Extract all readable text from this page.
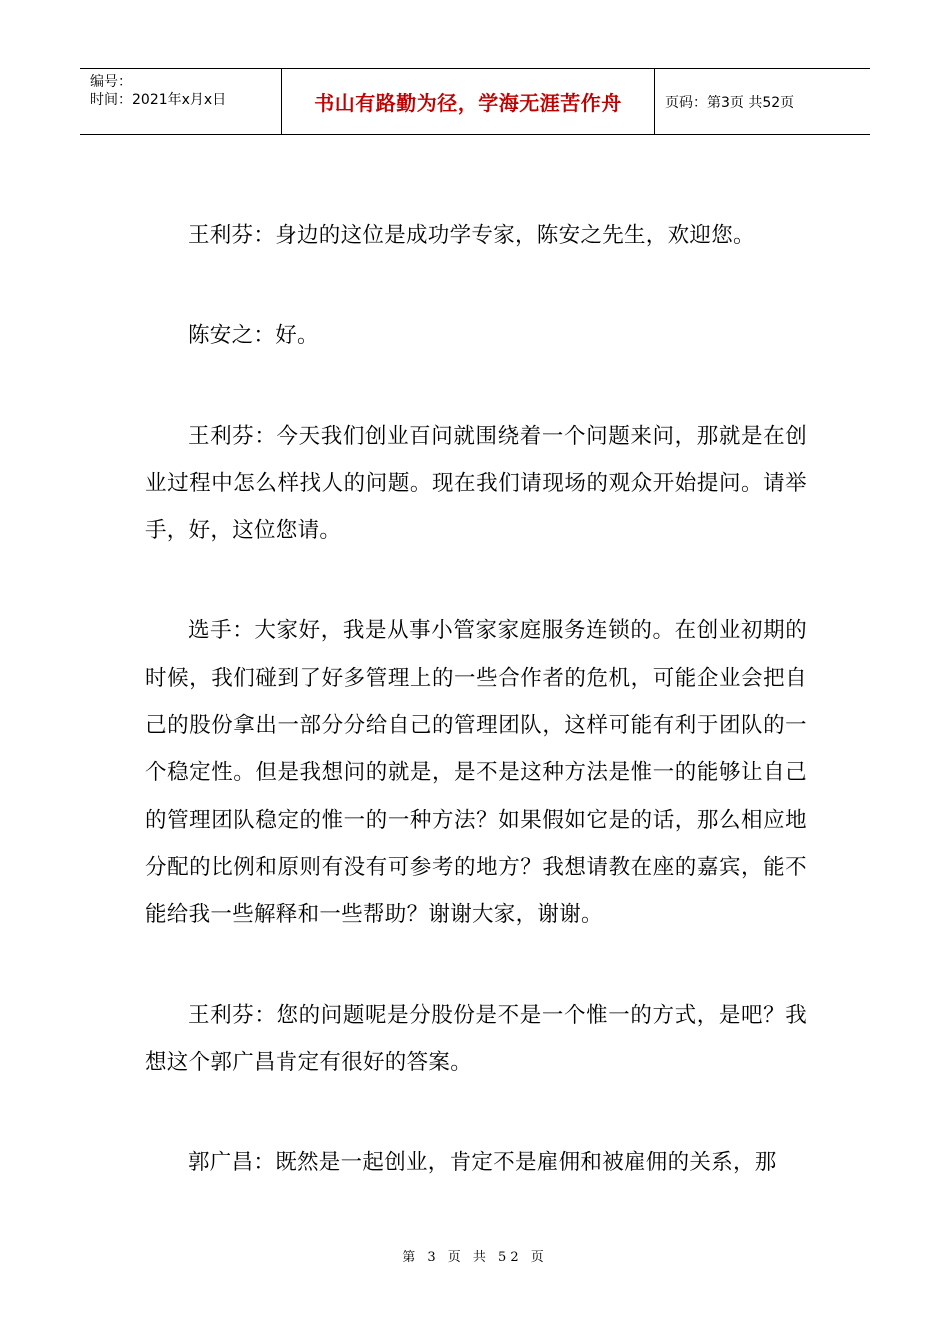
编号：
时间：2021年x月x日	书山有路勤为径，学海无涯苦作舟	页码：第3页 共52页

王利芬：身边的这位是成功学专家，陈安之先生，欢迎您。

陈安之：好。

王利芬：今天我们创业百问就围绕着一个问题来问，那就是在创业过程中怎么样找人的问题。现在我们请现场的观众开始提问。请举手，好，这位您请。

选手：大家好，我是从事小管家家庭服务连锁的。在创业初期的时候，我们碰到了好多管理上的一些合作者的危机，可能企业会把自己的股份拿出一部分分给自己的管理团队，这样可能有利于团队的一个稳定性。但是我想问的就是，是不是这种方法是惟一的能够让自己的管理团队稳定的惟一的一种方法？如果假如它是的话，那么相应地分配的比例和原则有没有可参考的地方？我想请教在座的嘉宾，能不能给我一些解释和一些帮助？谢谢大家，谢谢。

王利芬：您的问题呢是分股份是不是一个惟一的方式，是吧？我想这个郭广昌肯定有很好的答案。

郭广昌：既然是一起创业，肯定不是雇佣和被雇佣的关系，那

第 3 页 共 52 页
